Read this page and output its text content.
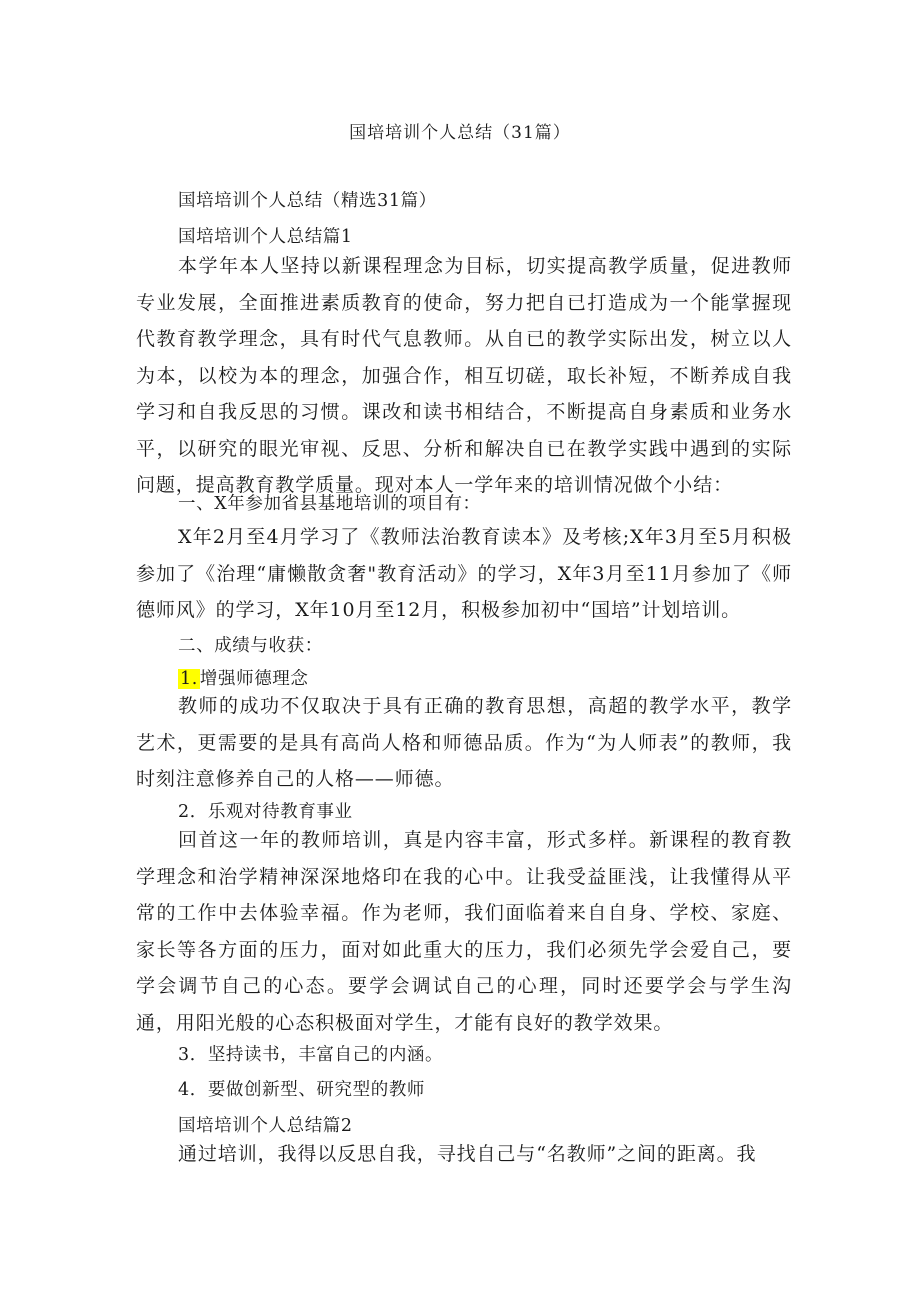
国培培训个人总结（31篇）
国培培训个人总结（精选31篇）
国培培训个人总结篇1

本学年本人坚持以新课程理念为目标，切实提高教学质量，促进教师专业发展，全面推进素质教育的使命，努力把自已打造成为一个能掌握现代教育教学理念，具有时代气息教师。从自已的教学实际出发，树立以人为本，以校为本的理念，加强合作，相互切磋，取长补短，不断养成自我学习和自我反思的习惯。课改和读书相结合，不断提高自身素质和业务水平，以研究的眼光审视、反思、分析和解决自已在教学实践中遇到的实际问题，提高教育教学质量。现对本人一学年来的培训情况做个小结：

一、X年参加省县基地培训的项目有：

X年2月至4月学习了《教师法治教育读本》及考核;X年3月至5月积极参加了《治理“庸懒散贪奢"教育活动》的学习，X年3月至11月参加了《师德师风》的学习，X年10月至12月，积极参加初中“国培”计划培训。

二、成绩与收获：
1. 增强师德理念

教师的成功不仅取决于具有正确的教育思想，高超的教学水平，教学艺术，更需要的是具有高尚人格和师德品质。作为“为人师表”的教师，我时刻注意修养自己的人格——师德。

2．乐观对待教育事业

回首这一年的教师培训，真是内容丰富，形式多样。新课程的教育教学理念和治学精神深深地烙印在我的心中。让我受益匪浅，让我懂得从平常的工作中去体验幸福。作为老师，我们面临着来自自身、学校、家庭、家长等各方面的压力，面对如此重大的压力，我们必须先学会爱自己，要学会调节自己的心态。要学会调试自己的心理，同时还要学会与学生沟通，用阳光般的心态积极面对学生，才能有良好的教学效果。

3．坚持读书，丰富自己的内涵。
4．要做创新型、研究型的教师
国培培训个人总结篇2

通过培训，我得以反思自我，寻找自己与“名教师”之间的距离。我
